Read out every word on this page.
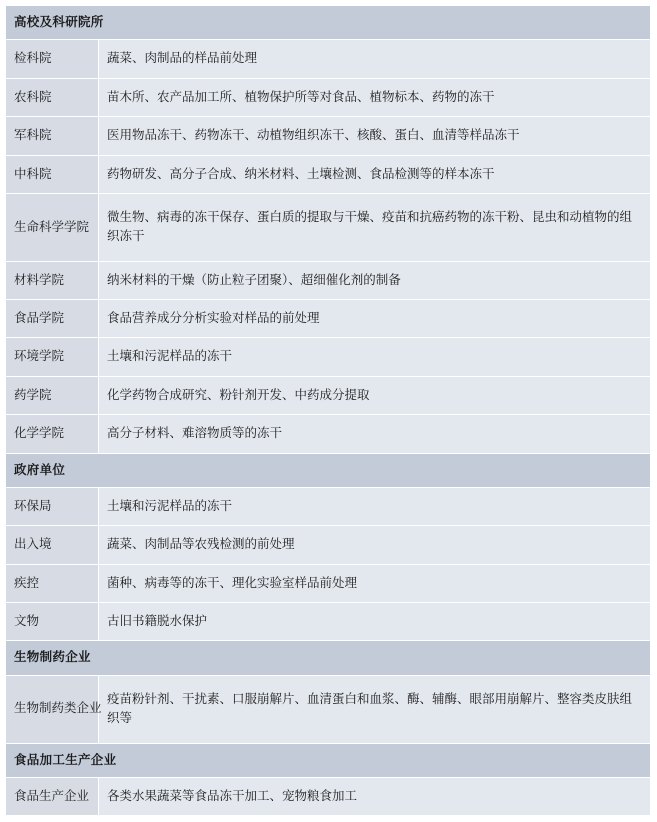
高校及科研院所	
检科院	蔬菜、肉制品的样品前处理
农科院	苗木所、农产品加工所、植物保护所等对食品、植物标本、药物的冻干
军科院	医用物品冻干、药物冻干、动植物组织冻干、核酸、蛋白、血清等样品冻干
中科院	药物研发、高分子合成、纳米材料、土壤检测、食品检测等的样本冻干
生命科学学院	微生物、病毒的冻干保存、蛋白质的提取与干燥、疫苗和抗癌药物的冻干粉、昆虫和动植物的组织冻干
材料学院	纳米材料的干燥（防止粒子团聚）、超细催化剂的制备
食品学院	食品营养成分分析实验对样品的前处理
环境学院	土壤和污泥样品的冻干
药学院	化学药物合成研究、粉针剂开发、中药成分提取
化学学院	高分子材料、难溶物质等的冻干
政府单位	
环保局	土壤和污泥样品的冻干
出入境	蔬菜、肉制品等农残检测的前处理
疾控	菌种、病毒等的冻干、理化实验室样品前处理
文物	古旧书籍脱水保护
生物制药企业	
生物制药类企业	疫苗粉针剂、干扰素、口服崩解片、血清蛋白和血浆、酶、辅酶、眼部用崩解片、整容类皮肤组织等
食品加工生产企业	
食品生产企业	各类水果蔬菜等食品冻干加工、宠物粮食加工
